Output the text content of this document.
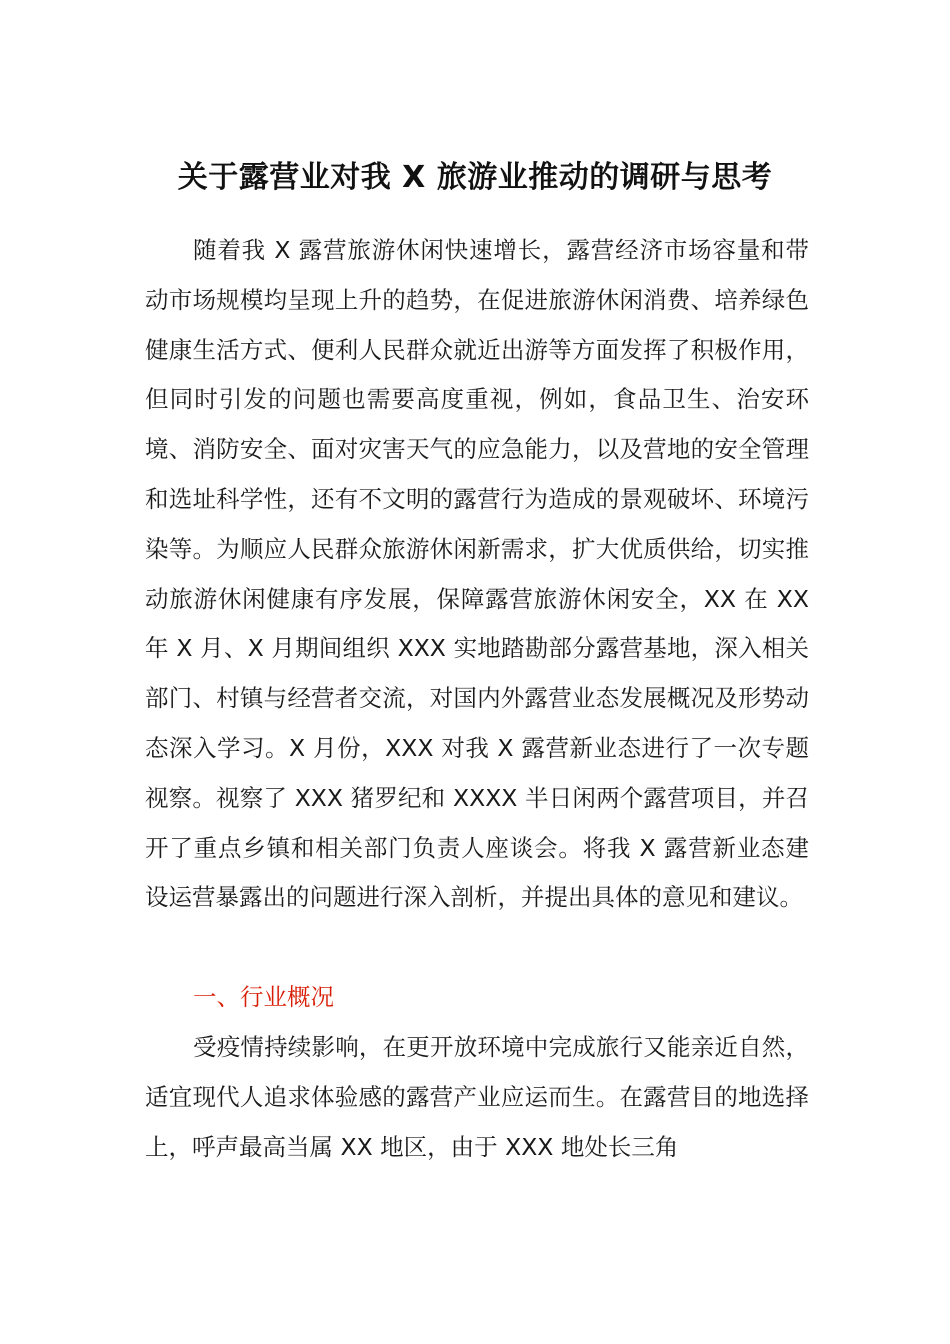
关于露营业对我 X 旅游业推动的调研与思考

随着我 X 露营旅游休闲快速增长，露营经济市场容量和带动市场规模均呈现上升的趋势，在促进旅游休闲消费、培养绿色健康生活方式、便利人民群众就近出游等方面发挥了积极作用，但同时引发的问题也需要高度重视，例如，食品卫生、治安环境、消防安全、面对灾害天气的应急能力，以及营地的安全管理和选址科学性，还有不文明的露营行为造成的景观破坏、环境污染等。为顺应人民群众旅游休闲新需求，扩大优质供给，切实推动旅游休闲健康有序发展，保障露营旅游休闲安全，XX 在 XX 年 X 月、X 月期间组织 XXX 实地踏勘部分露营基地，深入相关部门、村镇与经营者交流，对国内外露营业态发展概况及形势动态深入学习。X 月份，XXX 对我 X 露营新业态进行了一次专题视察。视察了 XXX 猪罗纪和 XXXX 半日闲两个露营项目，并召开了重点乡镇和相关部门负责人座谈会。将我 X 露营新业态建设运营暴露出的问题进行深入剖析，并提出具体的意见和建议。

一、行业概况

受疫情持续影响，在更开放环境中完成旅行又能亲近自然，适宜现代人追求体验感的露营产业应运而生。在露营目的地选择上，呼声最高当属 XX 地区，由于 XXX 地处长三角
